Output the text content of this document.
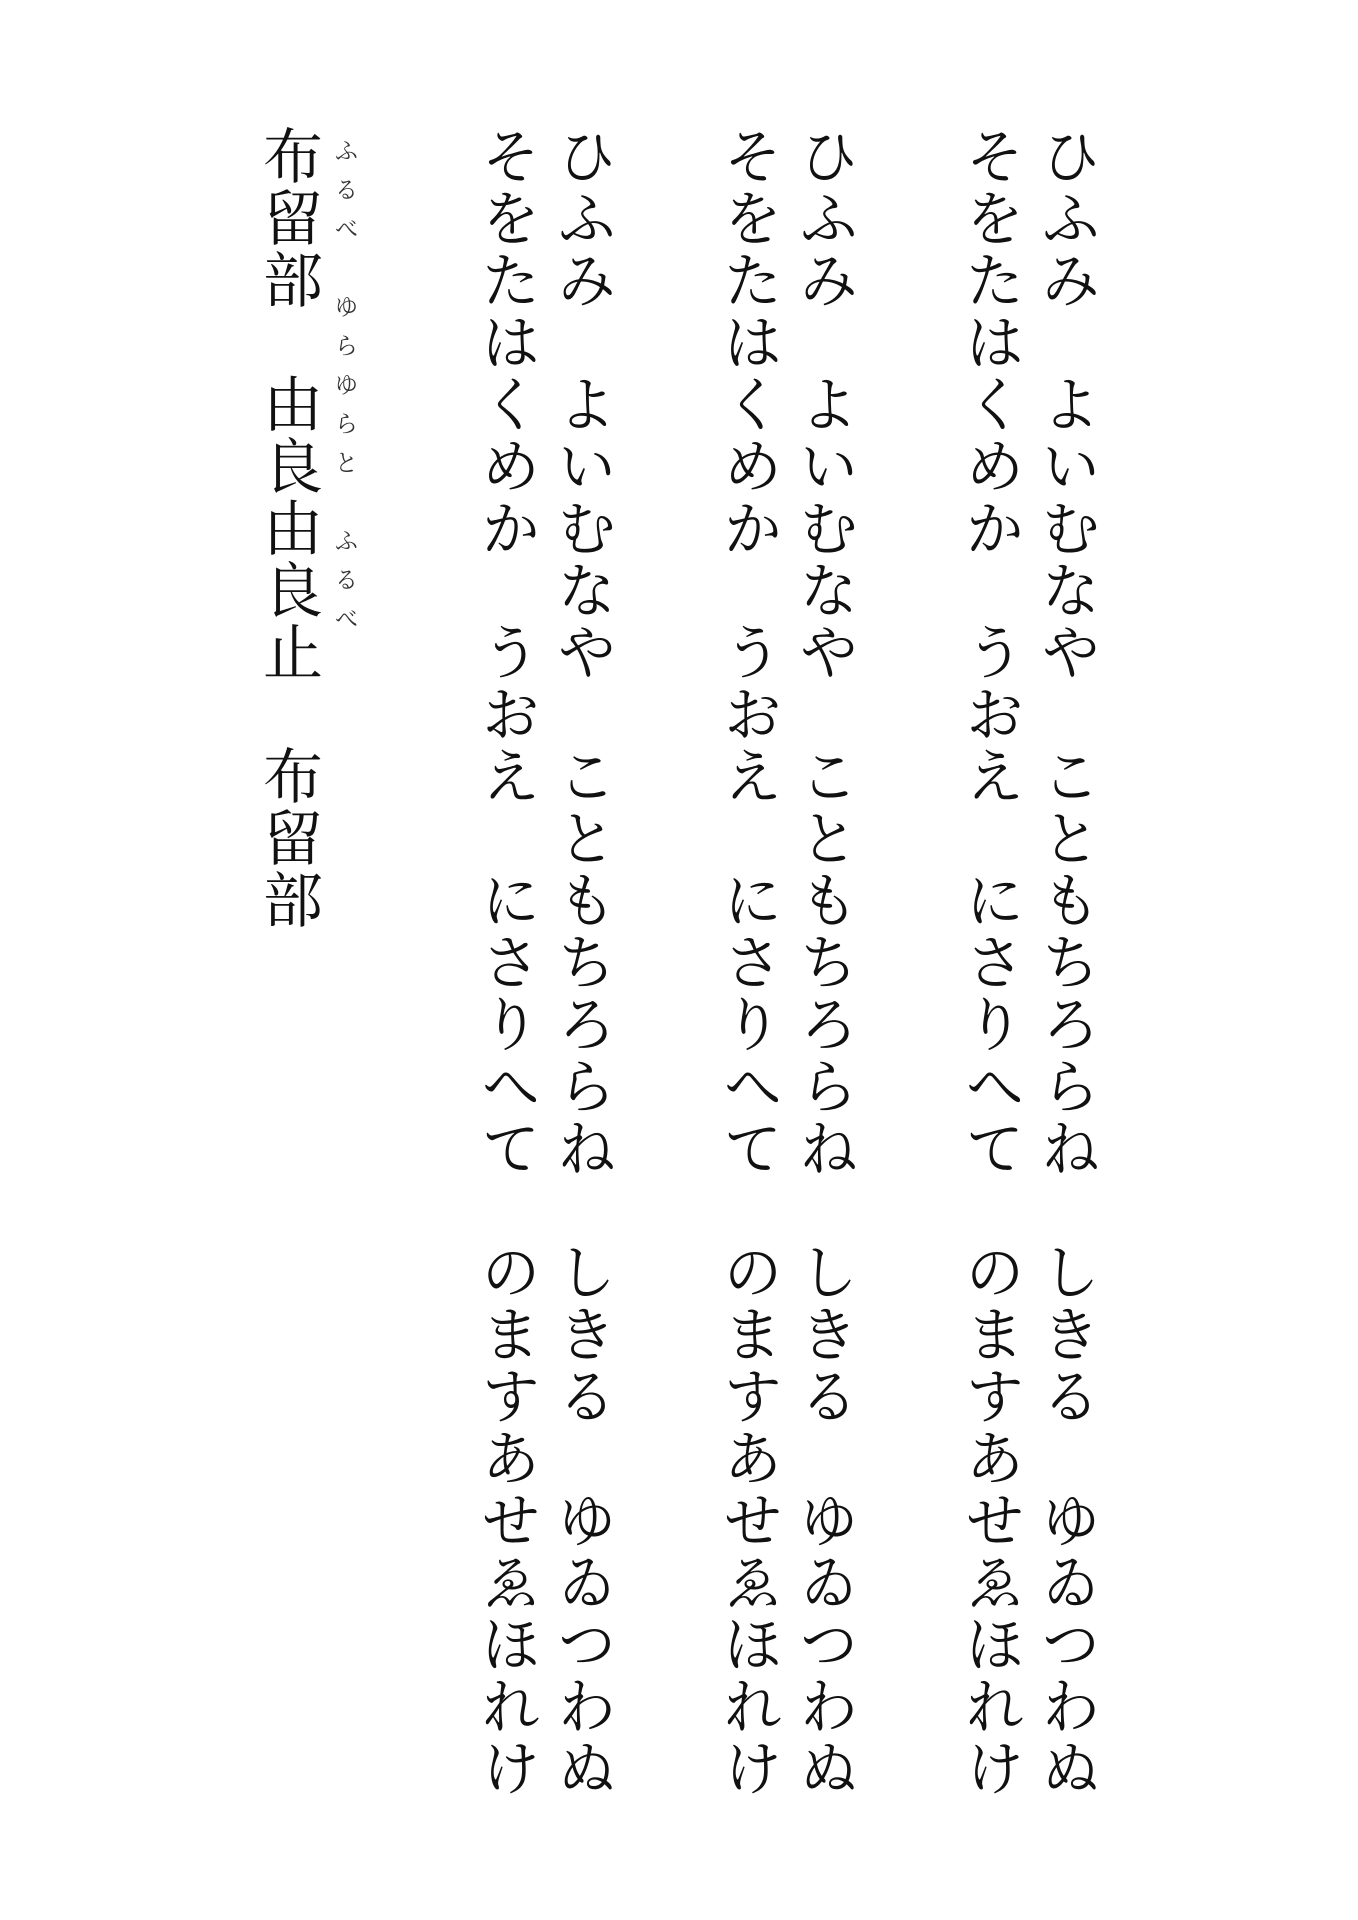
ひふみ　よいむなや　こともちろらね　しきる　ゆゐつわぬ
そをたはくめか　うおえ　にさりへて　のますあせゑほれけ
ひふみ　よいむなや　こともちろらね　しきる　ゆゐつわぬ
そをたはくめか　うおえ　にさりへて　のますあせゑほれけ
ひふみ　よいむなや　こともちろらね　しきる　ゆゐつわぬ
そをたはくめか　うおえ　にさりへて　のますあせゑほれけ
ふるべ　ゆらゆらと　ふるべ
布留部　由良由良止　布留部
